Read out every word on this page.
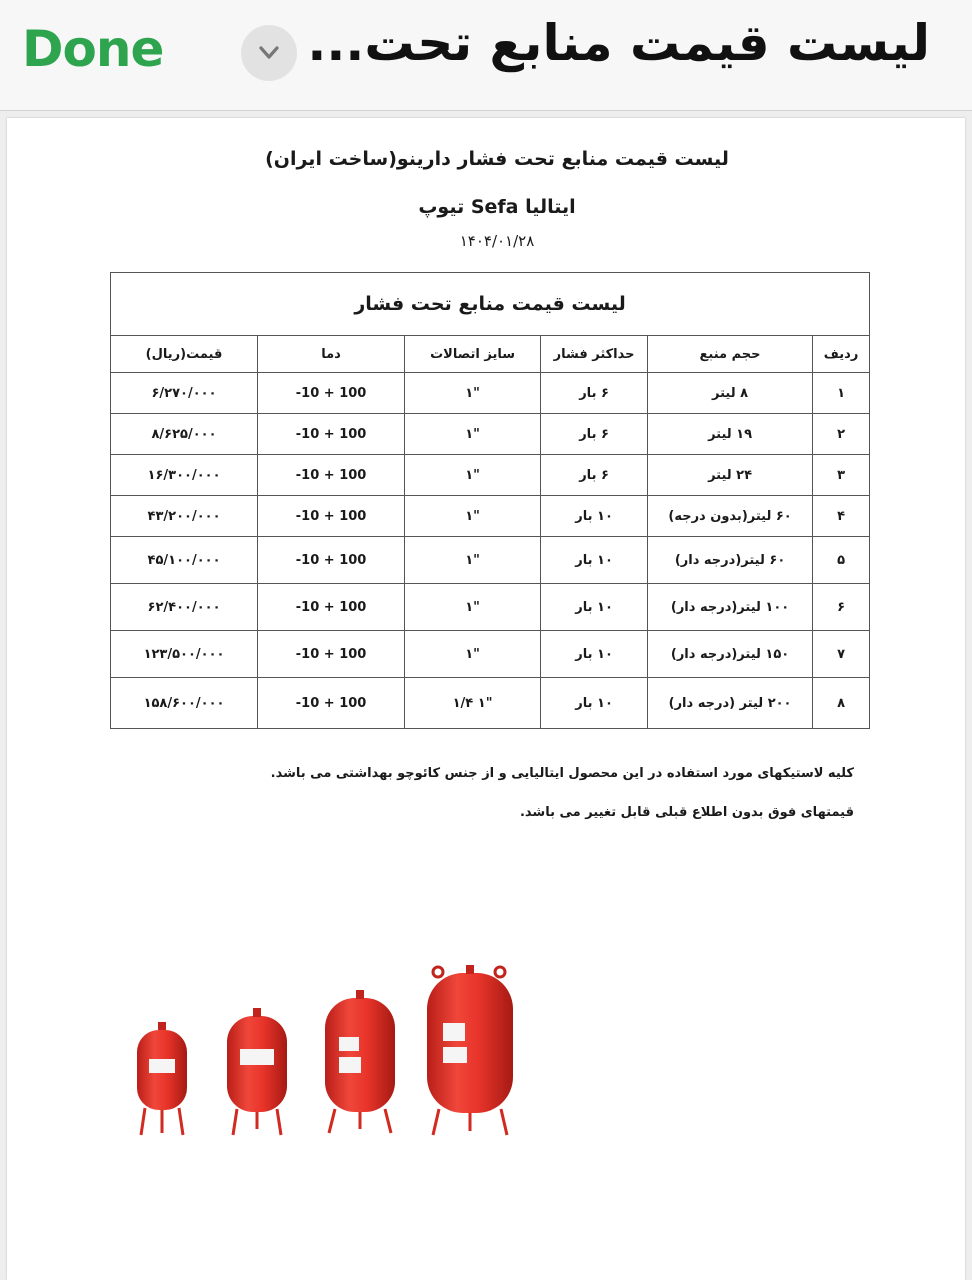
Done	لیست قیمت منابع تحت...
لیست قیمت منابع تحت فشار دارینو(ساخت ایران)
تیوپ Sefa ایتالیا
۱۴۰۴/۰۱/۲۸
لیست قیمت منابع تحت فشار					
ردیف	حجم منبع	حداکثر فشار	سایز اتصالات	دما	قیمت(ریال)
۱	۸ لیتر	۶ بار	"۱	-10 + 100	۶/۲۷۰/۰۰۰
۲	۱۹ لیتر	۶ بار	"۱	-10 + 100	۸/۶۲۵/۰۰۰
۳	۲۴ لیتر	۶ بار	"۱	-10 + 100	۱۶/۳۰۰/۰۰۰
۴	۶۰ لیتر(بدون درجه)	۱۰ بار	"۱	-10 + 100	۴۳/۲۰۰/۰۰۰
۵	۶۰ لیتر(درجه دار)	۱۰ بار	"۱	-10 + 100	۴۵/۱۰۰/۰۰۰
۶	۱۰۰ لیتر(درجه دار)	۱۰ بار	"۱	-10 + 100	۶۲/۴۰۰/۰۰۰
۷	۱۵۰ لیتر(درجه دار)	۱۰ بار	"۱	-10 + 100	۱۲۳/۵۰۰/۰۰۰
۸	۲۰۰ لیتر (درجه دار)	۱۰ بار	"۱ ۱/۴	-10 + 100	۱۵۸/۶۰۰/۰۰۰
کلیه لاستیکهای مورد استفاده در این محصول ایتالیایی و از جنس کائوچو بهداشتی می باشد.
قیمتهای فوق بدون اطلاع قبلی قابل تغییر می باشد.
